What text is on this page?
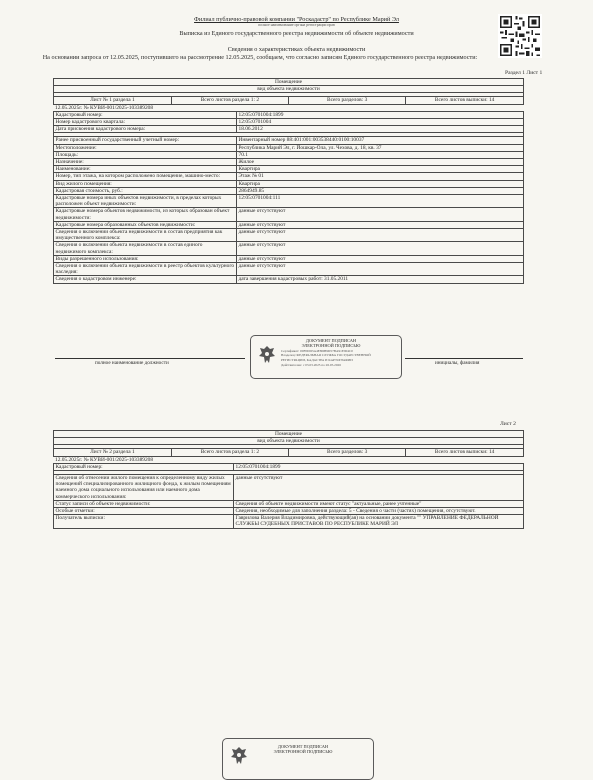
Филиал публично-правовой компании "Роскадастр" по Республике Марий Эл
полное наименование органа регистрации прав
Выписка из Единого государственного реестра недвижимости об объекте недвижимости
Сведения о характеристиках объекта недвижимости
На основании запроса от 12.05.2025, поступившего на рассмотрение 12.05.2025, сообщаем, что согласно записям Единого государственного реестра недвижимости:
Раздел 1 Лист 1
Помещение
вид объекта недвижимости

Лист № 1 раздела 1	Всего листов раздела 1: 2	Всего разделов: 3	Всего листов выписки: 14

12.05.2025г. № КУВИ-001/2025-103389208
Кадастровый номер:	12:05:0701004:1899
Номер кадастрового квартала:	12:05:0701004
Дата присвоения кадастрового номера:	18.06.2012

Ранее присвоенный государственный учетный номер:	Инвентарный номер 88:401:001:003538440:0100:10037
Местоположение:	Республика Марий Эл, г. Йошкар-Ола, ул. Чехова, д. 18, кв. 37
Площадь:	70.1
Назначение:	Жилое
Наименование:	Квартира
Номер, тип этажа, на котором расположено помещение, машино-место:	Этаж № 01
Вид жилого помещения:	Квартира
Кадастровая стоимость, руб.:	2864949.85
Кадастровые номера иных объектов недвижимости, в пределах которых расположен объект недвижимости:	12:05:0701004:111
Кадастровые номера объектов недвижимости, из которых образован объект недвижимости:	данные отсутствуют
Кадастровые номера образованных объектов недвижимости:	данные отсутствуют
Сведения о включении объекта недвижимости в состав предприятия как имущественного комплекса:	данные отсутствуют
Сведения о включении объекта недвижимости в состав единого недвижимого комплекса:	данные отсутствуют
Виды разрешенного использования:	данные отсутствуют
Сведения о включении объекта недвижимости в реестр объектов культурного наследия:	данные отсутствуют
Сведения о кадастровом инженере:	дата завершения кадастровых работ: 31.05.2011
ДОКУМЕНТ ПОДПИСАН
ЭЛЕКТРОННОЙ ПОДПИСЬЮ
Сертификат: 00F0DD3A4E8DB9D57BA91E904C0
Владелец: ФЕДЕРАЛЬНАЯ СЛУЖБА ГОСУДАРСТВЕННОЙ
РЕГИСТРАЦИИ, КАДАСТРА И КАРТОГРАФИИ
Действителен: с 03.03.2025 по 26.05.2026
полное наименование должности	инициалы, фамилия
Лист 2
Помещение
вид объекта недвижимости

Лист № 2 раздела 1	Всего листов раздела 1: 2	Всего разделов: 3	Всего листов выписки: 14

12.05.2025г. № КУВИ-001/2025-103389208
Кадастровый номер:	12:05:0701004:1899

Сведения об отнесении жилого помещения к определенному виду жилых помещений специализированного жилищного фонда, к жилым помещениям наемного дома социального использования или наемного дома коммерческого использования:	данные отсутствуют
Статус записи об объекте недвижимости:	Сведения об объекте недвижимости имеют статус "актуальные, ранее учтенные"
Особые отметки:	Сведения, необходимые для заполнения раздела: 5 - Сведения о части (частях) помещения, отсутствуют.
Получатель выписки:	Гаврилова Валерия Владимировна, действующий(ая) на основании документа "" УПРАВЛЕНИЕ ФЕДЕРАЛЬНОЙ СЛУЖБЫ СУДЕБНЫХ ПРИСТАВОВ ПО РЕСПУБЛИКЕ МАРИЙ ЭЛ
ДОКУМЕНТ ПОДПИСАН
ЭЛЕКТРОННОЙ ПОДПИСЬЮ
